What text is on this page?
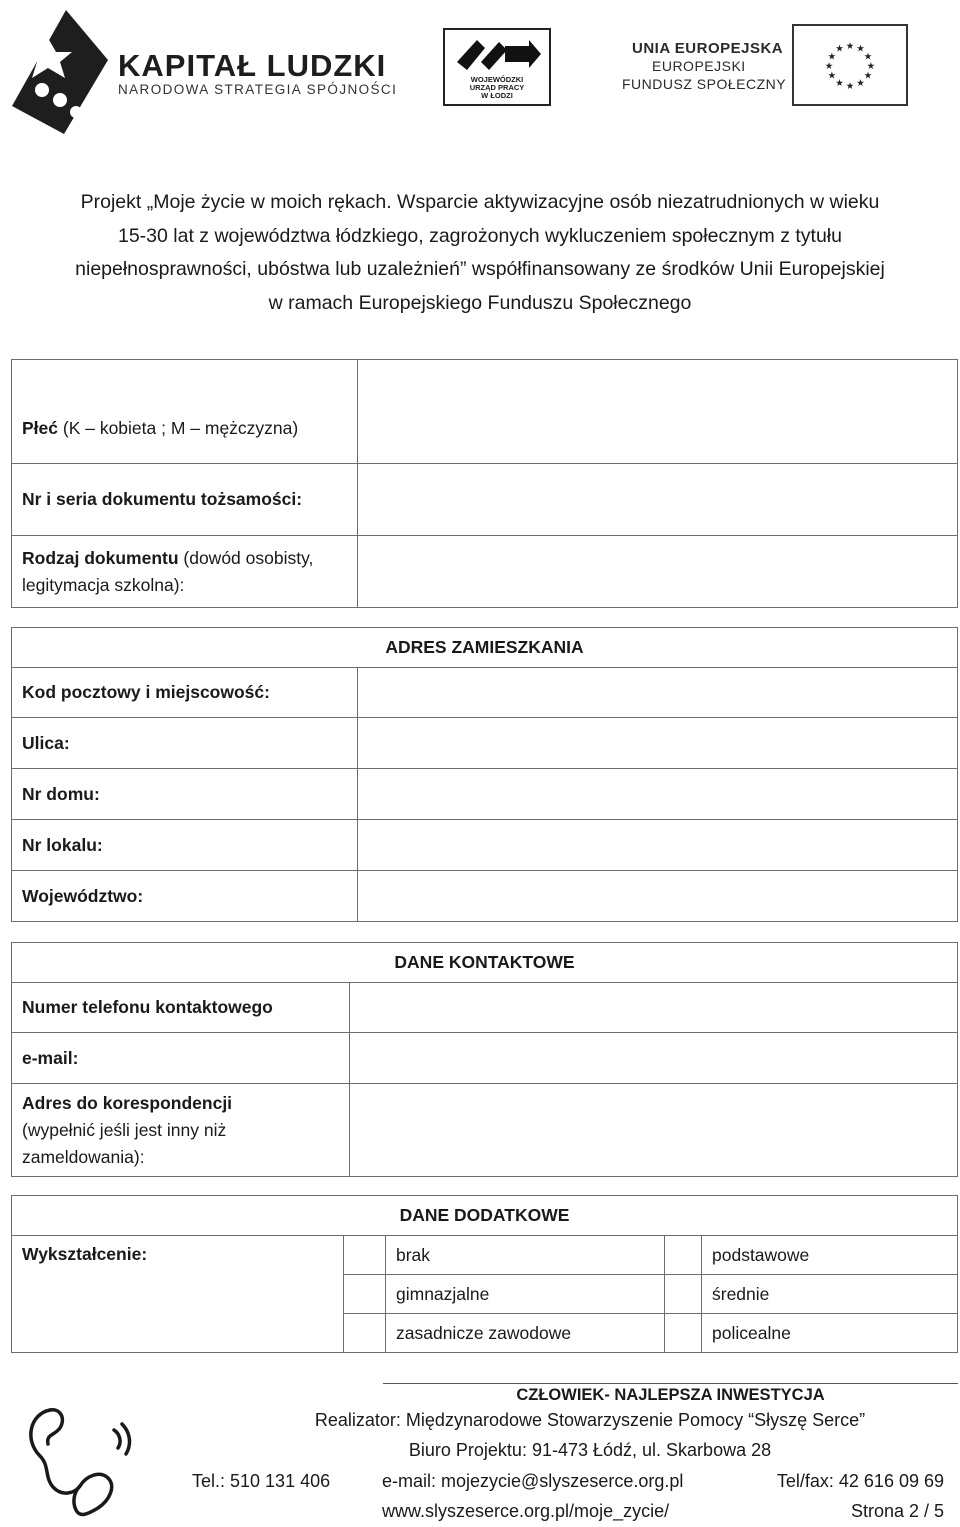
KAPITAŁ LUDZKI
NARODOWA STRATEGIA SPÓJNOŚCI
WOJEWÓDZKI
URZĄD PRACY
W ŁODZI
UNIA EUROPEJSKA
EUROPEJSKI
FUNDUSZ SPOŁECZNY
★ ★
★
★
★
★
★
★
★
★
★
★
Projekt „Moje życie w moich rękach. Wsparcie aktywizacyjne osób niezatrudnionych w wieku
15-30 lat z województwa łódzkiego, zagrożonych wykluczeniem społecznym z tytułu
niepełnosprawności, ubóstwa lub uzależnień” współfinansowany ze środków Unii Europejskiej
w ramach Europejskiego Funduszu Społecznego
Płeć (K – kobieta ; M – mężczyzna)	
Nr i seria dokumentu tożsamości:	
Rodzaj dokumentu (dowód osobisty, legitymacja szkolna):	
ADRES ZAMIESZKANIA	
Kod pocztowy i miejscowość:	
Ulica:	
Nr domu:	
Nr lokalu:	
Województwo:	
DANE KONTAKTOWE	
Numer telefonu kontaktowego	
e-mail:	

Adres do korespondencji
(wypełnić jeśli jest inny niż zameldowania):	

DANE DODATKOWE				
Wykształcenie:		brak		podstawowe
		gimnazjalne		średnie
		zasadnicze zawodowe		policealne
CZŁOWIEK- NAJLEPSZA INWESTYCJA
Realizator: Międzynarodowe Stowarzyszenie Pomocy “Słyszę Serce”
Biuro Projektu: 91-473 Łódź, ul. Skarbowa 28
Tel.: 510 131 406	e-mail: mojezycie@slyszeserce.org.pl	Tel/fax: 42 616 09 69
www.slyszeserce.org.pl/moje_zycie/	Strona 2 / 5
